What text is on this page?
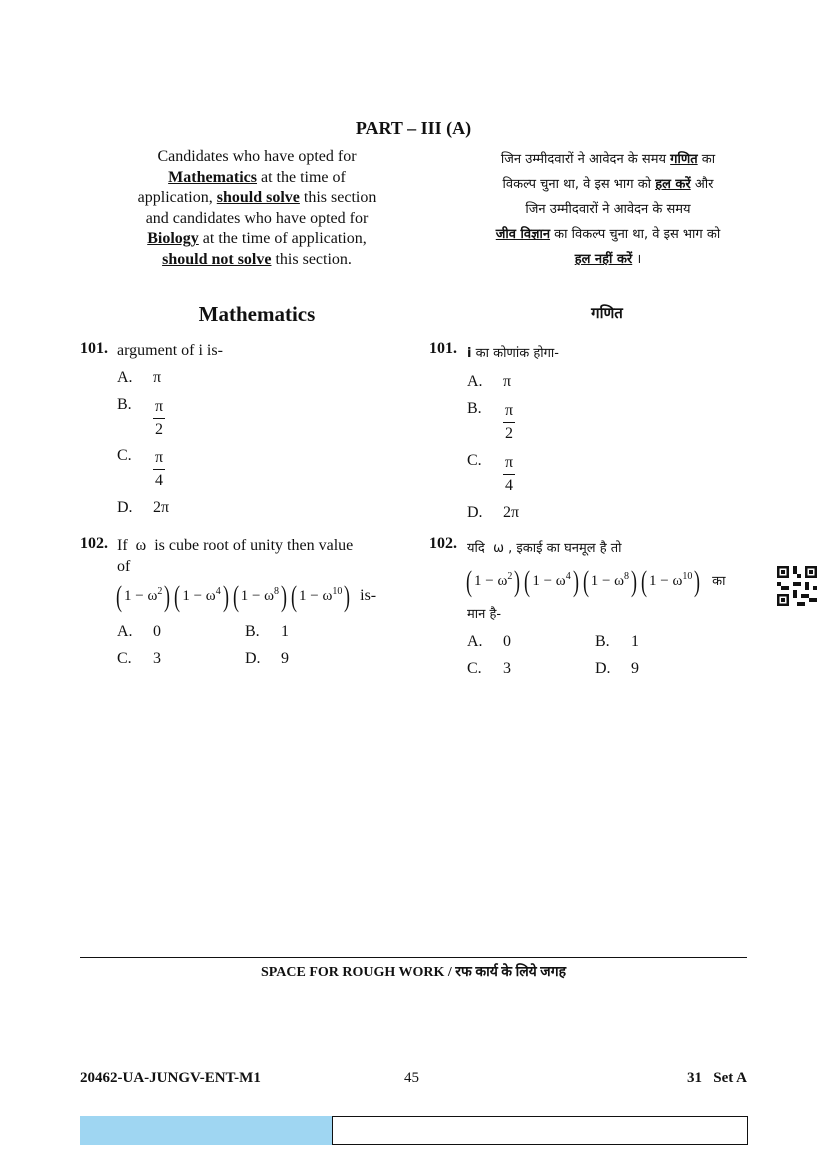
PART – III (A)
Candidates who have opted for
Mathematics at the time of
application, should solve this section
and candidates who have opted for
Biology at the time of application,
should not solve this section.
जिन उम्मीदवारों ने आवेदन के समय गणित का
विकल्प चुना था, वे इस भाग को हल करें और
जिन उम्मीदवारों ने आवेदन के समय
जीव विज्ञान का विकल्प चुना था, वे इस भाग को
हल नहीं करें ।
Mathematics	गणित
101. argument of i is-
A. π
B. $\frac{\pi}{2}$
C. $\frac{\pi}{4}$
D. 2π
101. i का कोणांक होगा-
A. π
B. $\frac{\pi}{2}$
C. $\frac{\pi}{4}$
D. 2π
102. If  ω  is cube root of unity then value
of
( $1 - \omega^2$) ( $1 - \omega^4$) ( $1 - \omega^8$) ( $1 - \omega^{10}$) is-
A. 0	B. 1
C. 3	D. 9
102. यदि  ω , इकाई का घनमूल है तो
( $1 - \omega^2$) ( $1 - \omega^4$) ( $1 - \omega^8$) ( $1 - \omega^{10}$) का
मान है-
A. 0	B. 1
C. 3	D. 9
SPACE FOR ROUGH WORK / रफ कार्य के लिये जगह
20462-UA-JUNGV-ENT-M1	45	31   Set A
